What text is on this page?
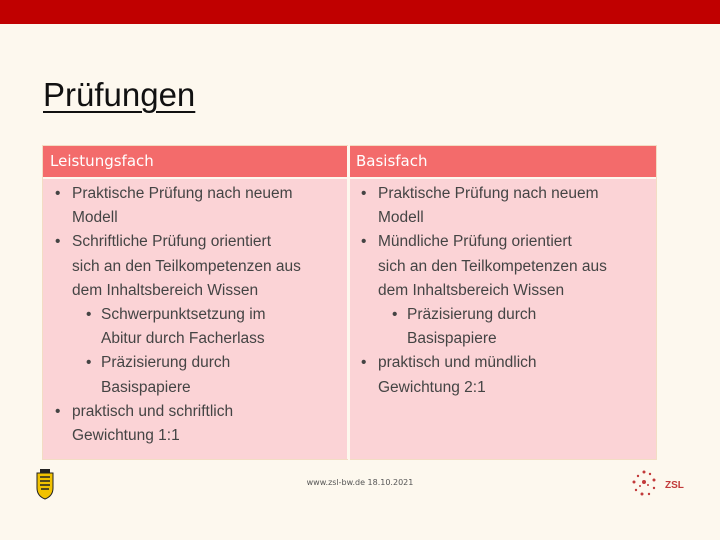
Prüfungen
Leistungsfach
• Praktische Prüfung nach neuem
Modell
• Schriftliche Prüfung orientiert
sich an den Teilkompetenzen aus
dem Inhaltsbereich Wissen
• Schwerpunktsetzung im
Abitur durch Facherlass
• Präzisierung durch
Basispapiere
• praktisch und schriftlich
Gewichtung 1:1
Basisfach
• Praktische Prüfung nach neuem
Modell
• Mündliche Prüfung orientiert
sich an den Teilkompetenzen aus
dem Inhaltsbereich Wissen
• Präzisierung durch
Basispapiere
• praktisch und mündlich
Gewichtung 2:1
www.zsl-bw.de 18.10.2021	ZSL
